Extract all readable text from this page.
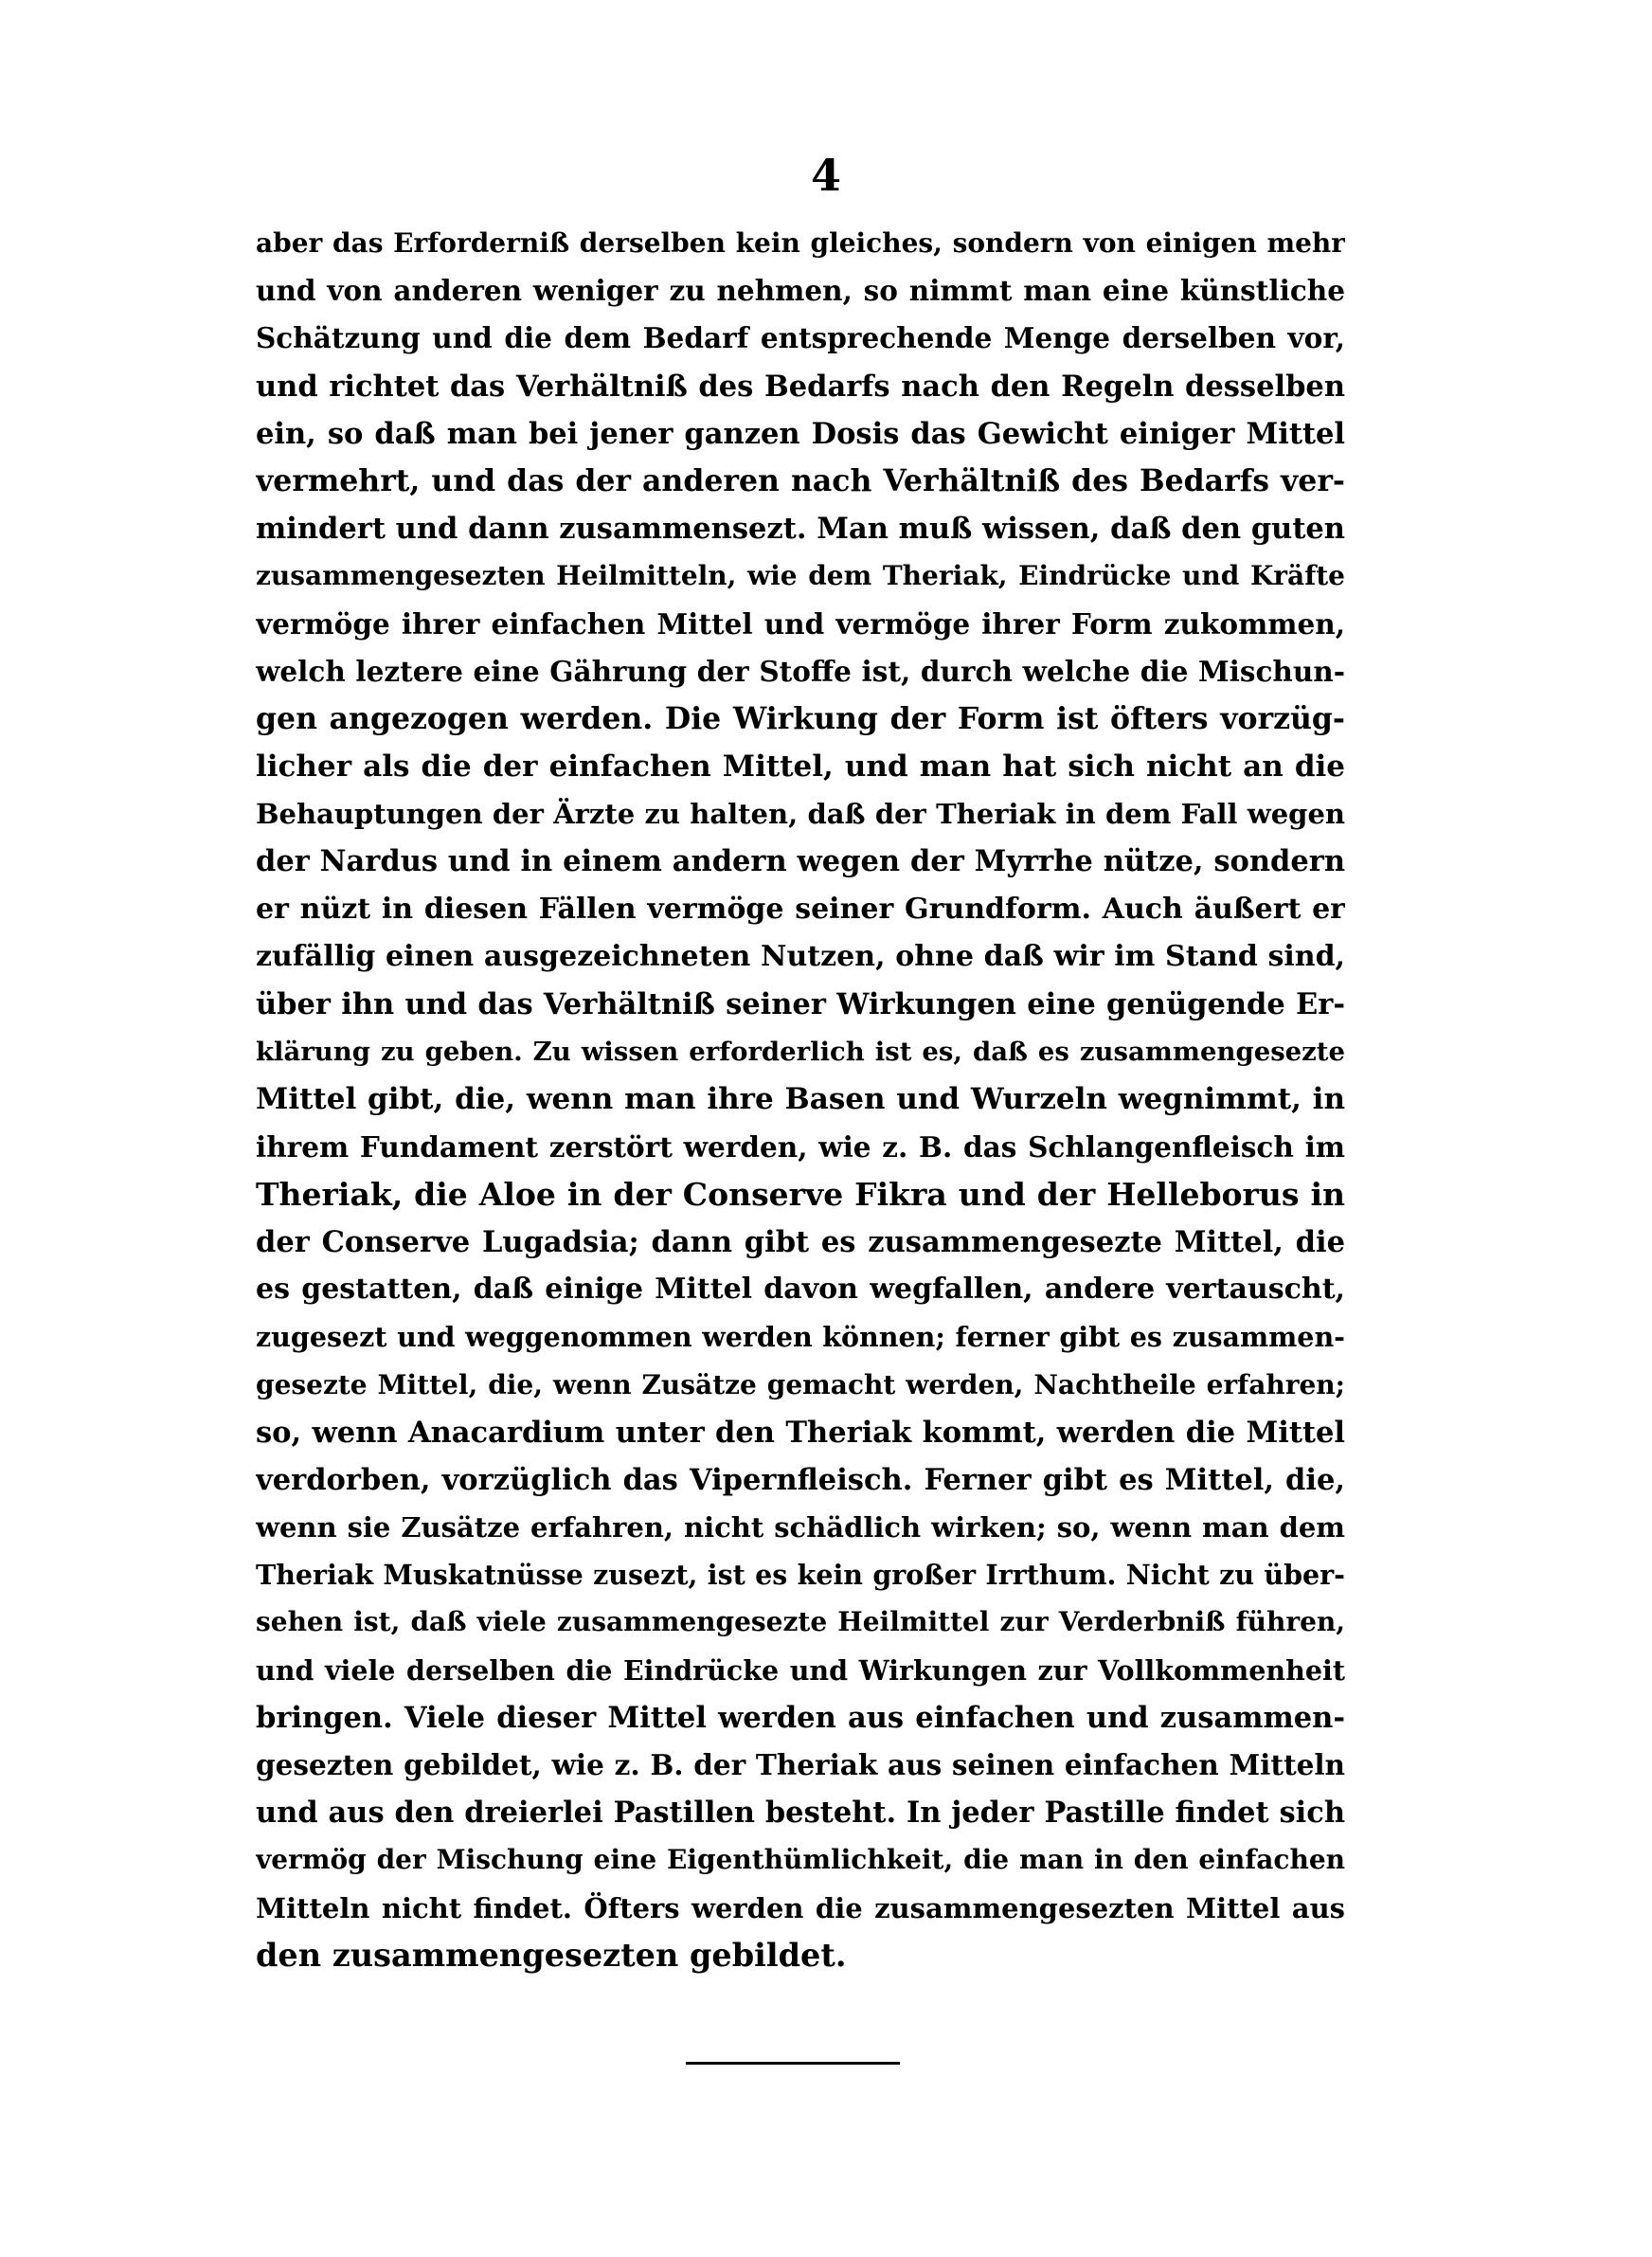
4
aber das Erforderniß derselben kein gleiches, sondern von einigen mehr
und von anderen weniger zu nehmen, so nimmt man eine künstliche
Schätzung und die dem Bedarf entsprechende Menge derselben vor,
und richtet das Verhältniß des Bedarfs nach den Regeln desselben
ein, so daß man bei jener ganzen Dosis das Gewicht einiger Mittel
vermehrt, und das der anderen nach Verhältniß des Bedarfs ver-
mindert und dann zusammensezt. Man muß wissen, daß den guten
zusammengesezten Heilmitteln, wie dem Theriak, Eindrücke und Kräfte
vermöge ihrer einfachen Mittel und vermöge ihrer Form zukommen,
welch leztere eine Gährung der Stoffe ist, durch welche die Mischun-
gen angezogen werden. Die Wirkung der Form ist öfters vorzüg-
licher als die der einfachen Mittel, und man hat sich nicht an die
Behauptungen der Ärzte zu halten, daß der Theriak in dem Fall wegen
der Nardus und in einem andern wegen der Myrrhe nütze, sondern
er nüzt in diesen Fällen vermöge seiner Grundform. Auch äußert er
zufällig einen ausgezeichneten Nutzen, ohne daß wir im Stand sind,
über ihn und das Verhältniß seiner Wirkungen eine genügende Er-
klärung zu geben. Zu wissen erforderlich ist es, daß es zusammengesezte
Mittel gibt, die, wenn man ihre Basen und Wurzeln wegnimmt, in
ihrem Fundament zerstört werden, wie z. B. das Schlangenfleisch im
Theriak, die Aloe in der Conserve Fikra und der Helleborus in
der Conserve Lugadsia; dann gibt es zusammengesezte Mittel, die
es gestatten, daß einige Mittel davon wegfallen, andere vertauscht,
zugesezt und weggenommen werden können; ferner gibt es zusammen-
gesezte Mittel, die, wenn Zusätze gemacht werden, Nachtheile erfahren;
so, wenn Anacardium unter den Theriak kommt, werden die Mittel
verdorben, vorzüglich das Vipernfleisch. Ferner gibt es Mittel, die,
wenn sie Zusätze erfahren, nicht schädlich wirken; so, wenn man dem
Theriak Muskatnüsse zusezt, ist es kein großer Irrthum. Nicht zu über-
sehen ist, daß viele zusammengesezte Heilmittel zur Verderbniß führen,
und viele derselben die Eindrücke und Wirkungen zur Vollkommenheit
bringen. Viele dieser Mittel werden aus einfachen und zusammen-
gesezten gebildet, wie z. B. der Theriak aus seinen einfachen Mitteln
und aus den dreierlei Pastillen besteht. In jeder Pastille findet sich
vermög der Mischung eine Eigenthümlichkeit, die man in den einfachen
Mitteln nicht findet. Öfters werden die zusammengesezten Mittel aus
den zusammengesezten gebildet.
